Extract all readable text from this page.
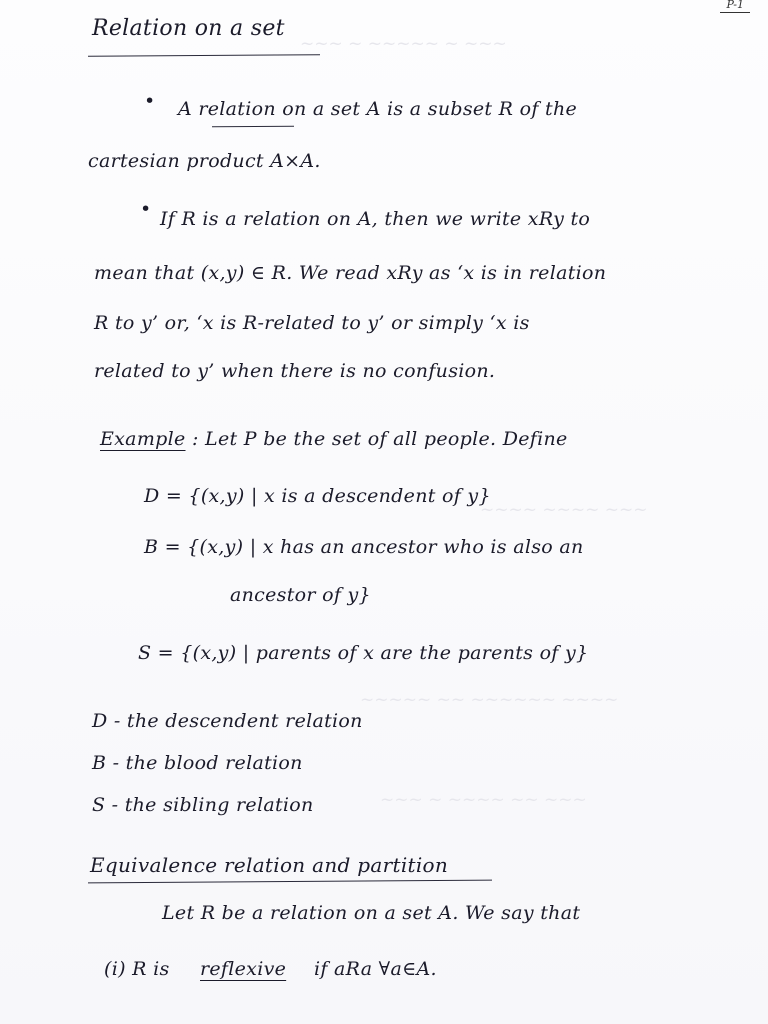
~~~ ~ ~~~~~ ~ ~~~
~~~~ ~~~~ ~~~
~~~~~ ~~ ~~~~~~ ~~~~
~~~ ~ ~~~~ ~~ ~~~
P-1
Relation on a set
• A relation on a set A is a subset R of the
cartesian product A×A.
• If R is a relation on A, then we write xRy to
mean that (x,y) ∈ R. We read xRy as ‘x is in relation
R to y’ or, ‘x is R-related to y’ or simply ‘x is
related to y’ when there is no confusion.
Example : Let P be the set of all people. Define
D = {(x,y) | x is a descendent of y}
B = {(x,y) | x has an ancestor who is also an
ancestor of y}
S = {(x,y) | parents of x are the parents of y}
D - the descendent relation
B - the blood relation
S - the sibling relation
Equivalence relation and partition
Let R be a relation on a set A. We say that
(i) R is reflexive if aRa ∀a∈A.
